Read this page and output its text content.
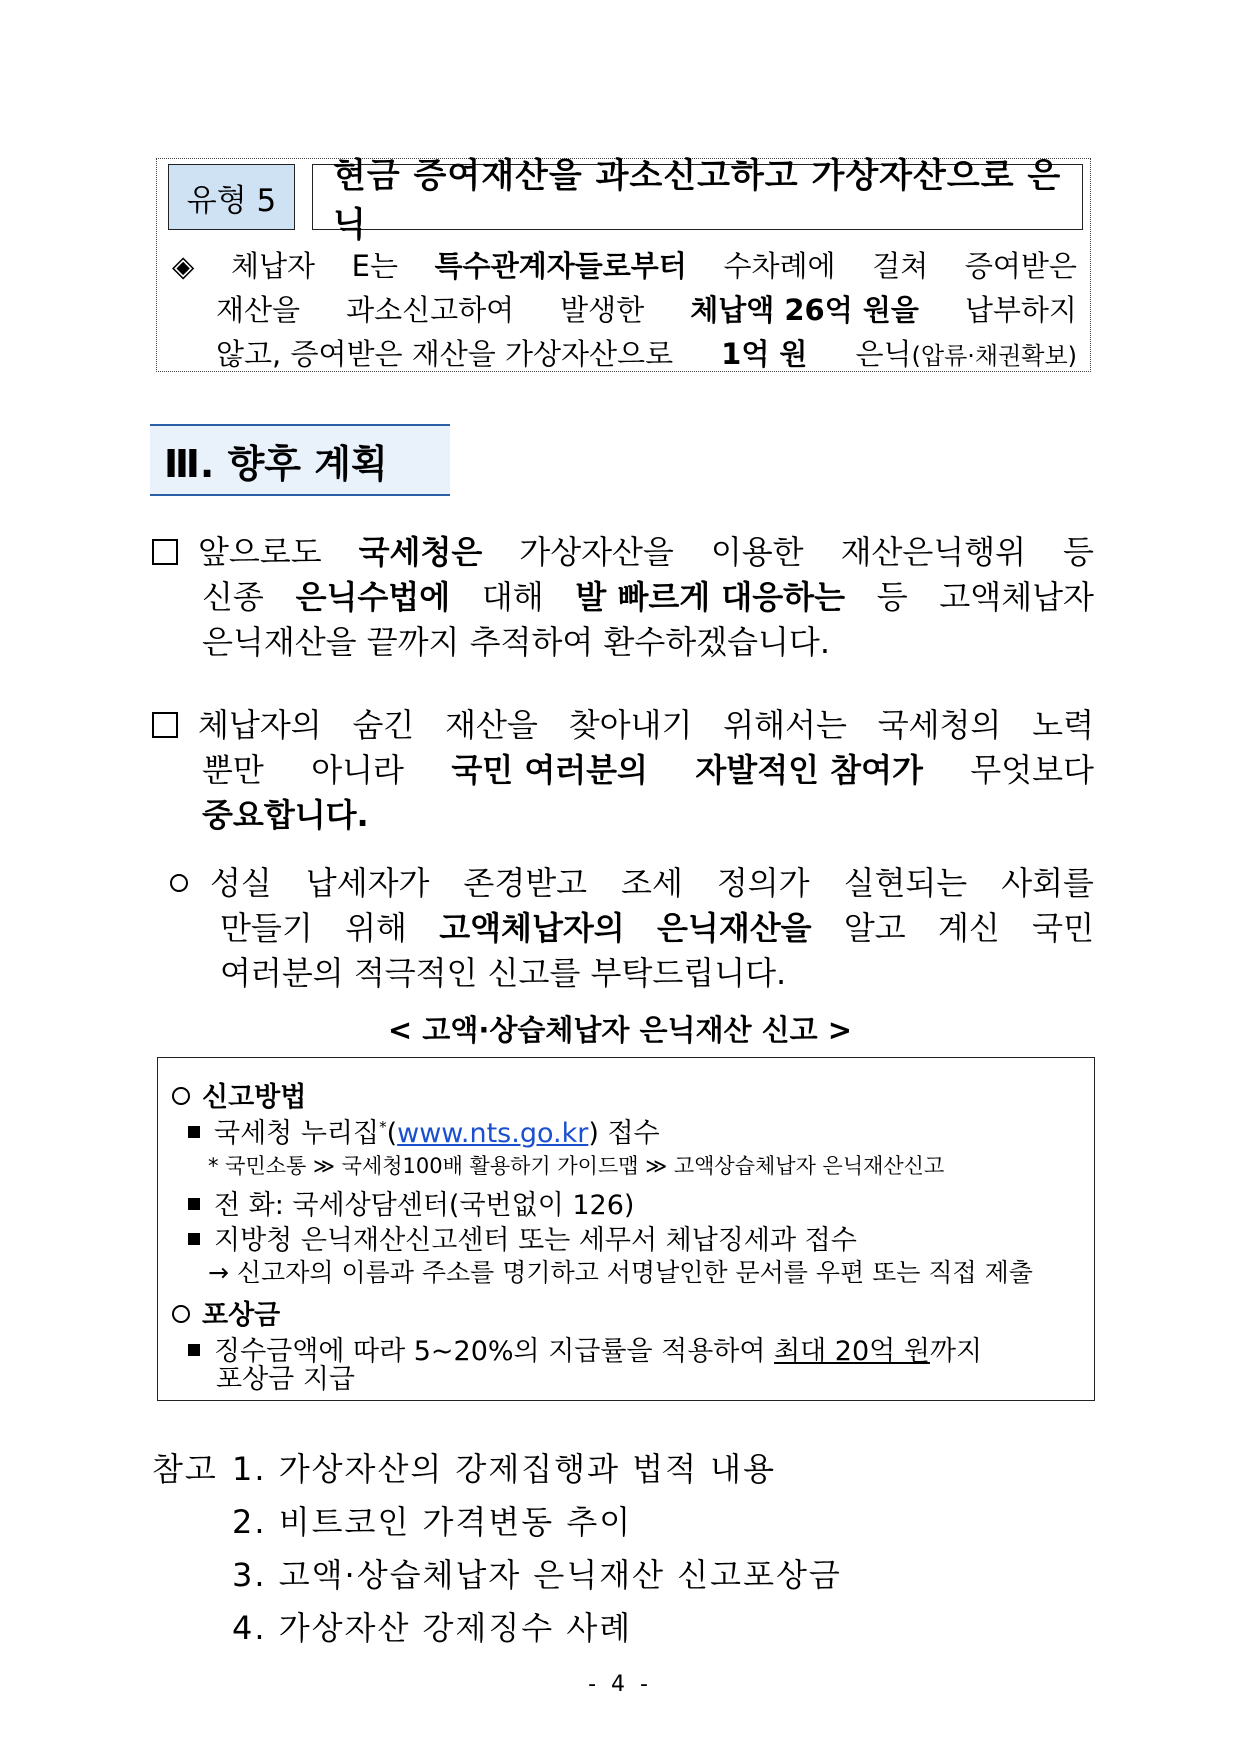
유형 5
현금 증여재산을 과소신고하고 가상자산으로 은닉
◈ 체납자 E는 특수관계자들로부터 수차례에 걸쳐 증여받은
재산을 과소신고하여 발생한 체납액 26억 원을 납부하지
않고, 증여받은 재산을 가상자산으로 1억 원 은닉(압류·채권확보)
Ⅲ. 향후 계획
앞으로도 국세청은 가상자산을 이용한 재산은닉행위 등
신종 은닉수법에 대해 발 빠르게 대응하는 등 고액체납자
은닉재산을 끝까지 추적하여 환수하겠습니다.
체납자의 숨긴 재산을 찾아내기 위해서는 국세청의 노력
뿐만 아니라 국민 여러분의 자발적인 참여가 무엇보다
중요합니다.
성실 납세자가 존경받고 조세 정의가 실현되는 사회를
만들기 위해 고액체납자의 은닉재산을 알고 계신 국민
여러분의 적극적인 신고를 부탁드립니다.
< 고액·상습체납자 은닉재산 신고 >
신고방법
국세청 누리집*(www.nts.go.kr) 접수
* 국민소통 ≫ 국세청100배 활용하기 가이드맵 ≫ 고액상습체납자 은닉재산신고
전 화: 국세상담센터(국번없이 126)
지방청 은닉재산신고센터 또는 세무서 체납징세과 접수
→ 신고자의 이름과 주소를 명기하고 서명날인한 문서를 우편 또는 직접 제출
포상금
징수금액에 따라 5~20%의 지급률을 적용하여 최대 20억 원까지
포상금 지급
참고 1. 가상자산의 강제집행과 법적 내용
2. 비트코인 가격변동 추이
3. 고액·상습체납자 은닉재산 신고포상금
4. 가상자산 강제징수 사례
- 4 -
